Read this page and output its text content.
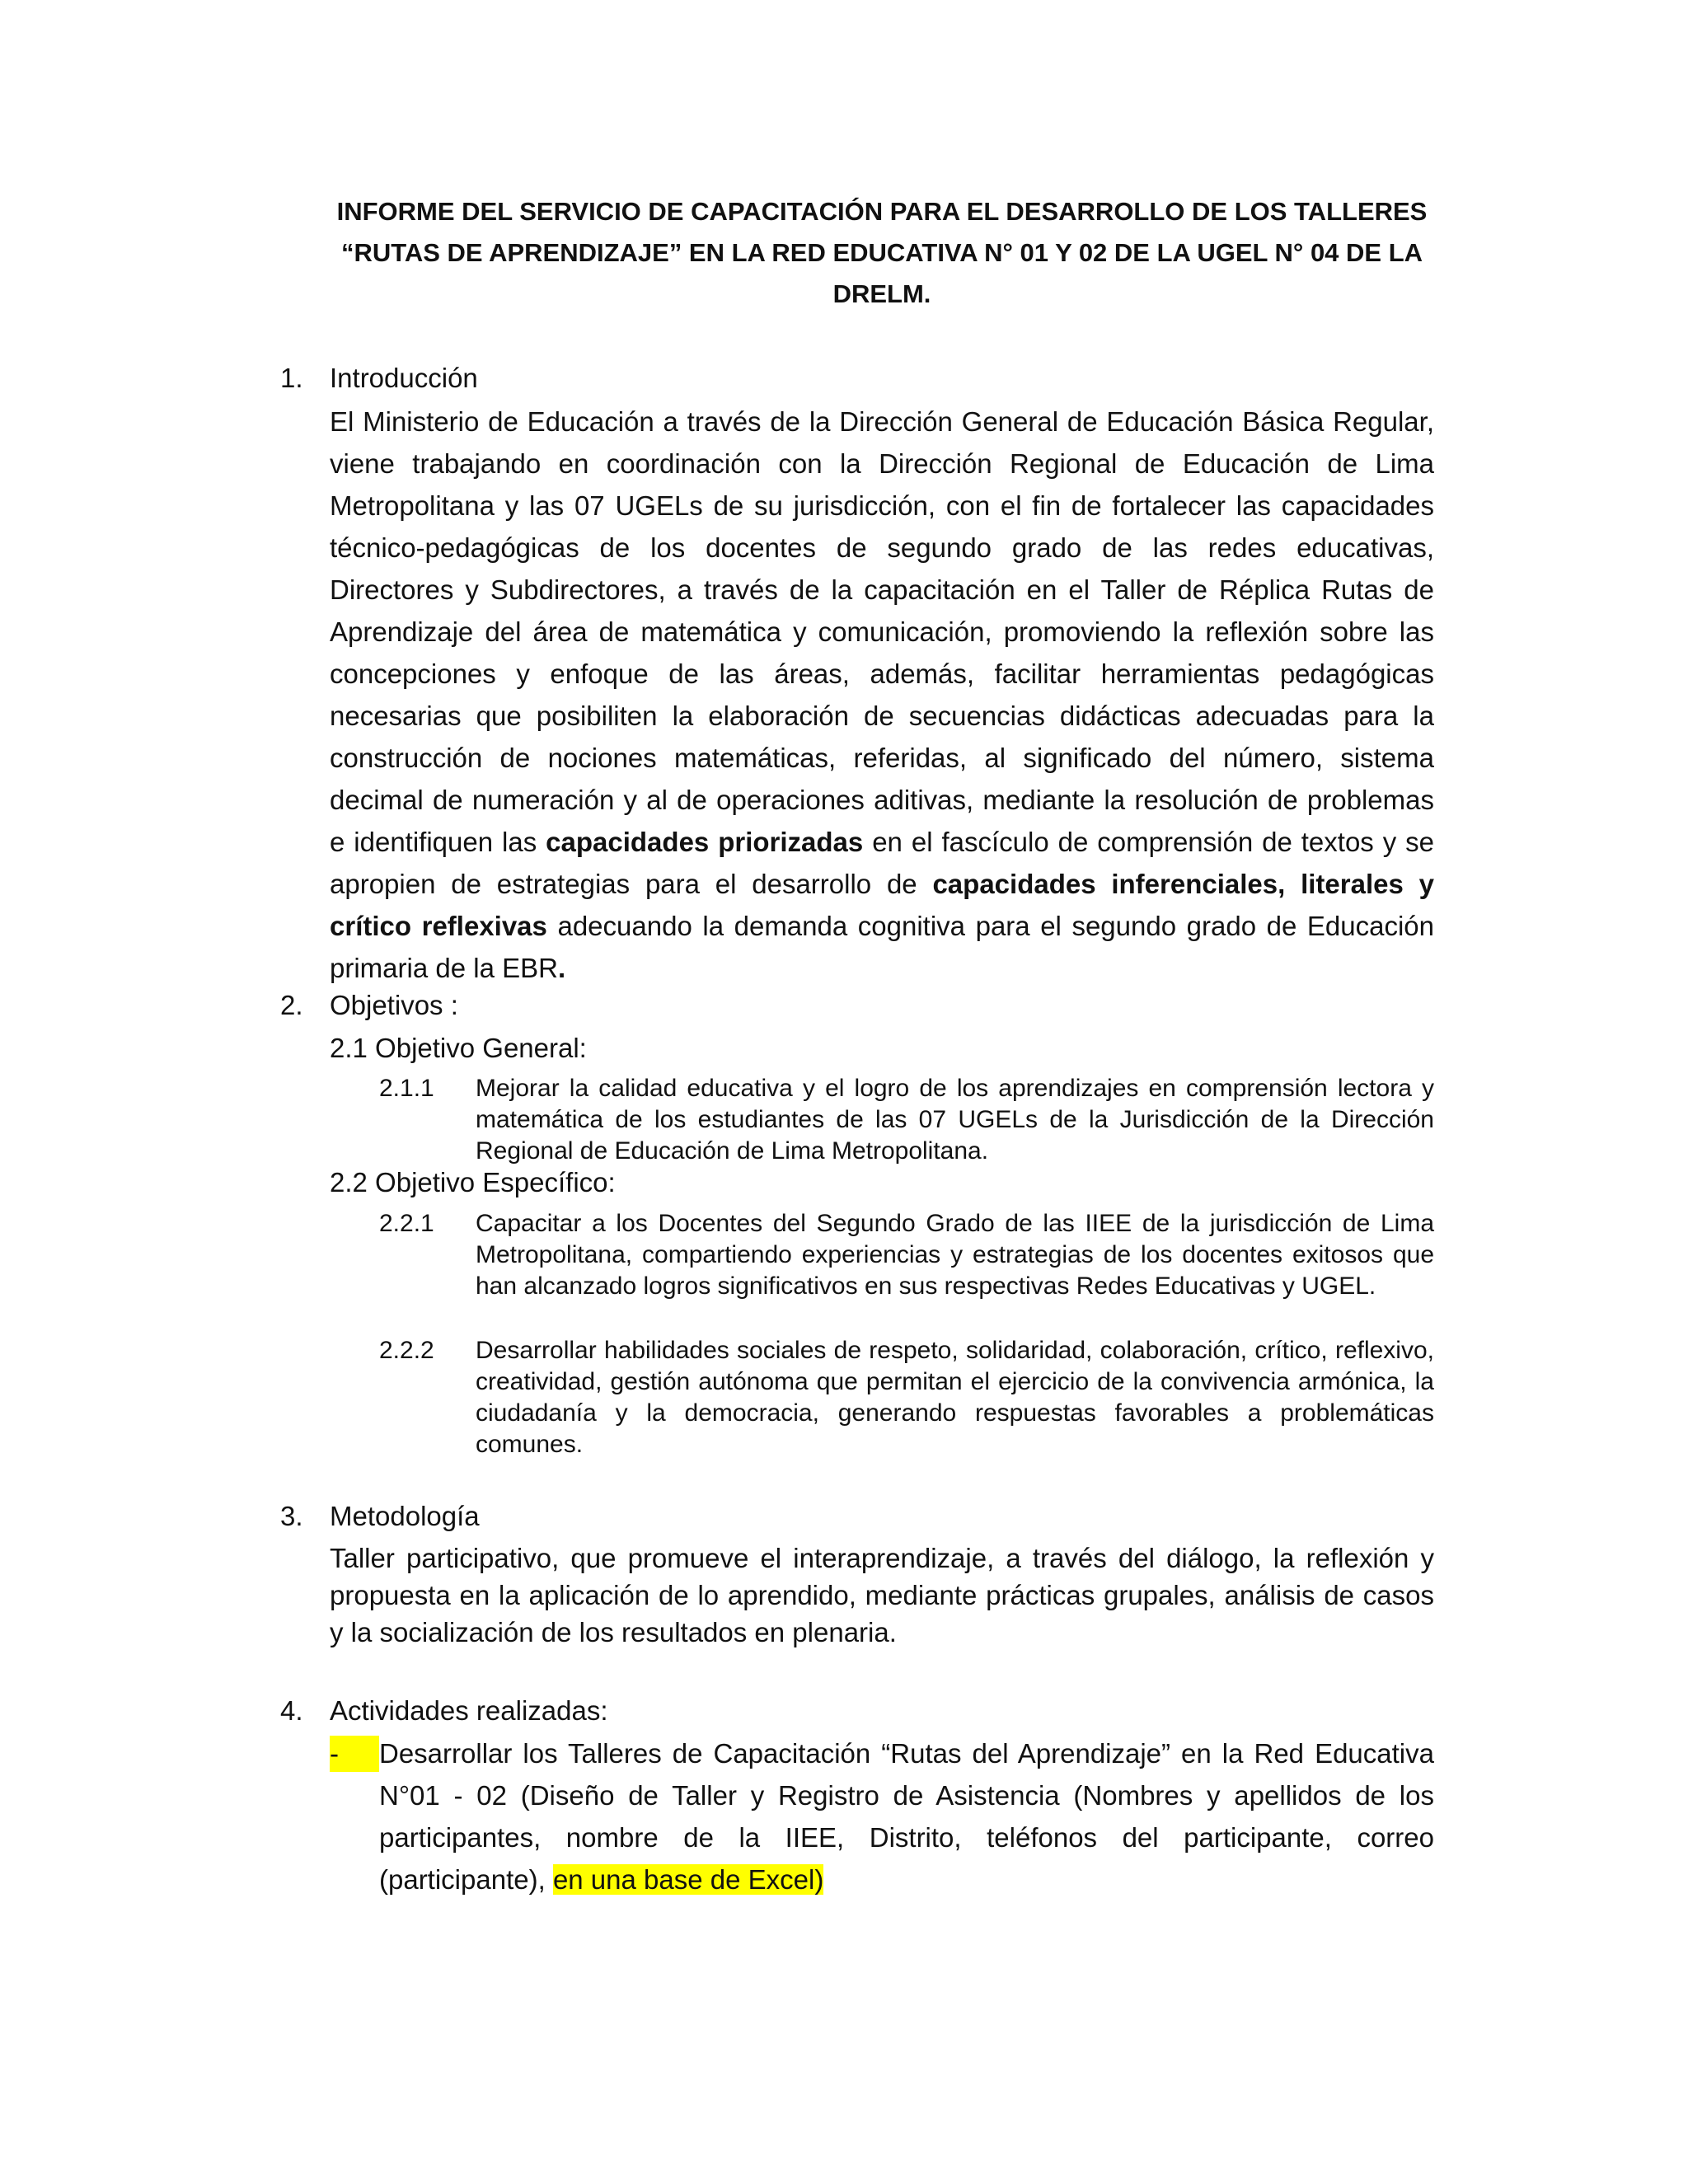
INFORME DEL SERVICIO DE CAPACITACIÓN PARA EL DESARROLLO DE LOS TALLERES
“RUTAS DE APRENDIZAJE” EN LA RED EDUCATIVA N° 01 Y 02 DE LA UGEL N° 04 DE LA
DRELM.
1. Introducción
El Ministerio de Educación a través de la Dirección General de Educación Básica Regular, viene trabajando en coordinación con la Dirección Regional de Educación de Lima Metropolitana y las 07 UGELs de su jurisdicción, con el fin de fortalecer las capacidades técnico-pedagógicas de los docentes de segundo grado de las redes educativas, Directores y Subdirectores, a través de la capacitación en el Taller de Réplica Rutas de Aprendizaje del área de matemática y comunicación, promoviendo la reflexión sobre las concepciones y enfoque de las áreas, además, facilitar herramientas pedagógicas necesarias que posibiliten la elaboración de secuencias didácticas adecuadas para la construcción de nociones matemáticas, referidas, al significado del número, sistema decimal de numeración y al de operaciones aditivas, mediante la resolución de problemas e identifiquen las capacidades priorizadas en el fascículo de comprensión de textos y se apropien de estrategias para el desarrollo de capacidades inferenciales, literales y crítico reflexivas adecuando la demanda cognitiva para el segundo grado de Educación primaria de la EBR.
2. Objetivos :
2.1 Objetivo General:
2.1.1 Mejorar la calidad educativa y el logro de los aprendizajes en comprensión lectora y matemática de los estudiantes de las 07 UGELs de la Jurisdicción de la Dirección Regional de Educación de Lima Metropolitana.
2.2 Objetivo Específico:
2.2.1 Capacitar a los Docentes del Segundo Grado de las IIEE de la jurisdicción de Lima Metropolitana, compartiendo experiencias y estrategias de los docentes exitosos que han alcanzado logros significativos en sus respectivas Redes Educativas y UGEL.
2.2.2 Desarrollar habilidades sociales de respeto, solidaridad, colaboración, crítico, reflexivo, creatividad, gestión autónoma que permitan el ejercicio de la convivencia armónica, la ciudadanía y la democracia, generando respuestas favorables a problemáticas comunes.
3. Metodología
Taller participativo, que promueve el interaprendizaje, a través del diálogo, la reflexión y propuesta en la aplicación de lo aprendido, mediante prácticas grupales, análisis de casos y la socialización de los resultados en plenaria.
4. Actividades realizadas:
-	Desarrollar los Talleres de Capacitación “Rutas del Aprendizaje” en la Red Educativa N°01 - 02 (Diseño de Taller y Registro de Asistencia (Nombres y apellidos de los participantes, nombre de la IIEE, Distrito, teléfonos del participante, correo (participante), en una base de Excel)
